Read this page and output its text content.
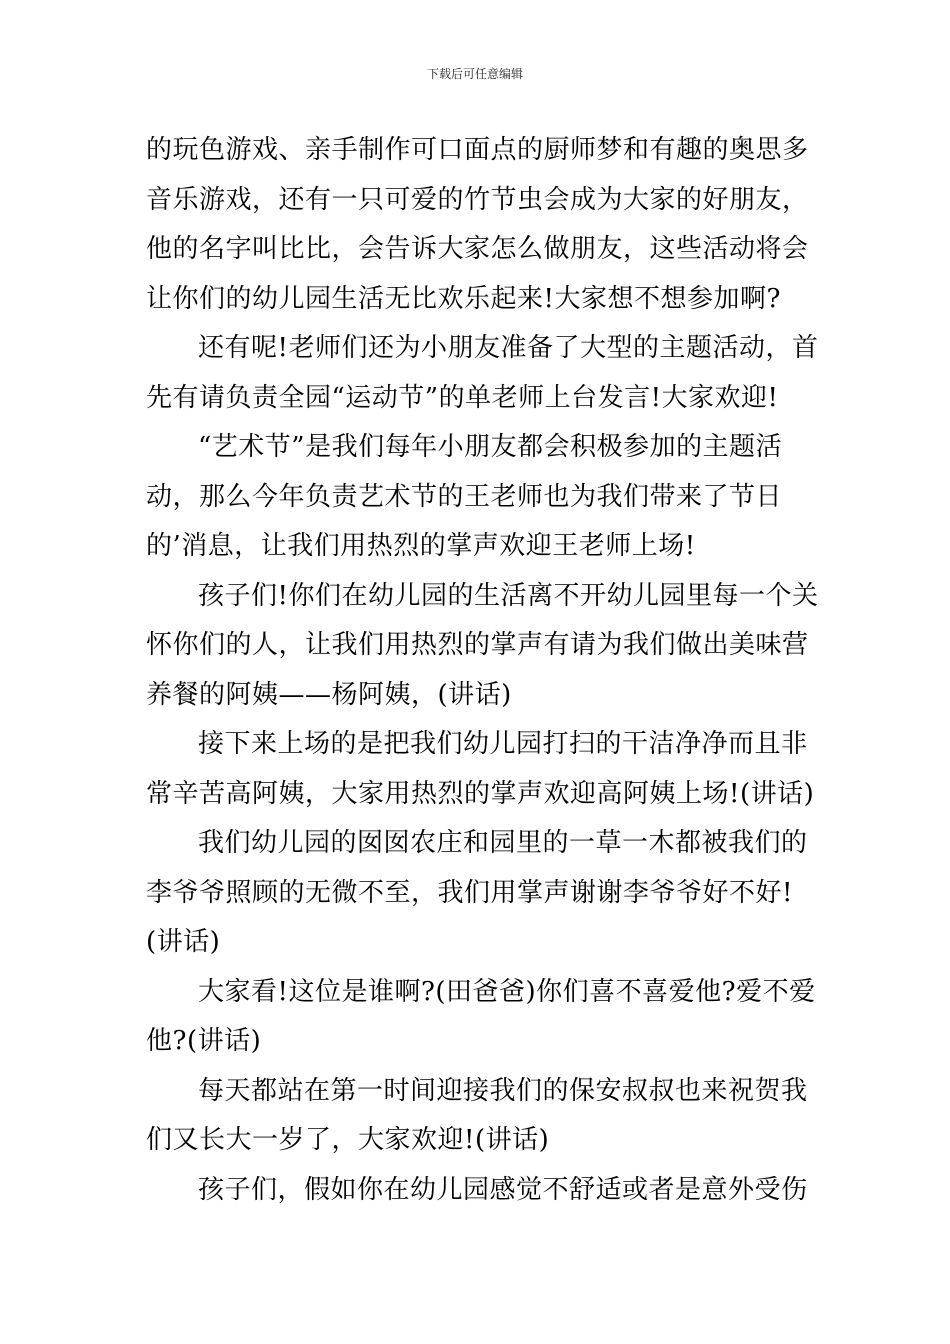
下载后可任意编辑

的玩色游戏、亲手制作可口面点的厨师梦和有趣的奥思多
音乐游戏，还有一只可爱的竹节虫会成为大家的好朋友，
他的名字叫比比，会告诉大家怎么做朋友，这些活动将会
让你们的幼儿园生活无比欢乐起来!大家想不想参加啊?

还有呢!老师们还为小朋友准备了大型的主题活动，首
先有请负责全园“运动节”的单老师上台发言!大家欢迎!

“艺术节”是我们每年小朋友都会积极参加的主题活
动，那么今年负责艺术节的王老师也为我们带来了节日
的’消息，让我们用热烈的掌声欢迎王老师上场!

孩子们!你们在幼儿园的生活离不开幼儿园里每一个关
怀你们的人，让我们用热烈的掌声有请为我们做出美味营
养餐的阿姨——杨阿姨，(讲话)

接下来上场的是把我们幼儿园打扫的干洁净净而且非
常辛苦高阿姨，大家用热烈的掌声欢迎高阿姨上场!(讲话)

我们幼儿园的囡囡农庄和园里的一草一木都被我们的
李爷爷照顾的无微不至，我们用掌声谢谢李爷爷好不好!
(讲话)

大家看!这位是谁啊?(田爸爸)你们喜不喜爱他?爱不爱
他?(讲话)

每天都站在第一时间迎接我们的保安叔叔也来祝贺我
们又长大一岁了，大家欢迎!(讲话)

孩子们，假如你在幼儿园感觉不舒适或者是意外受伤
